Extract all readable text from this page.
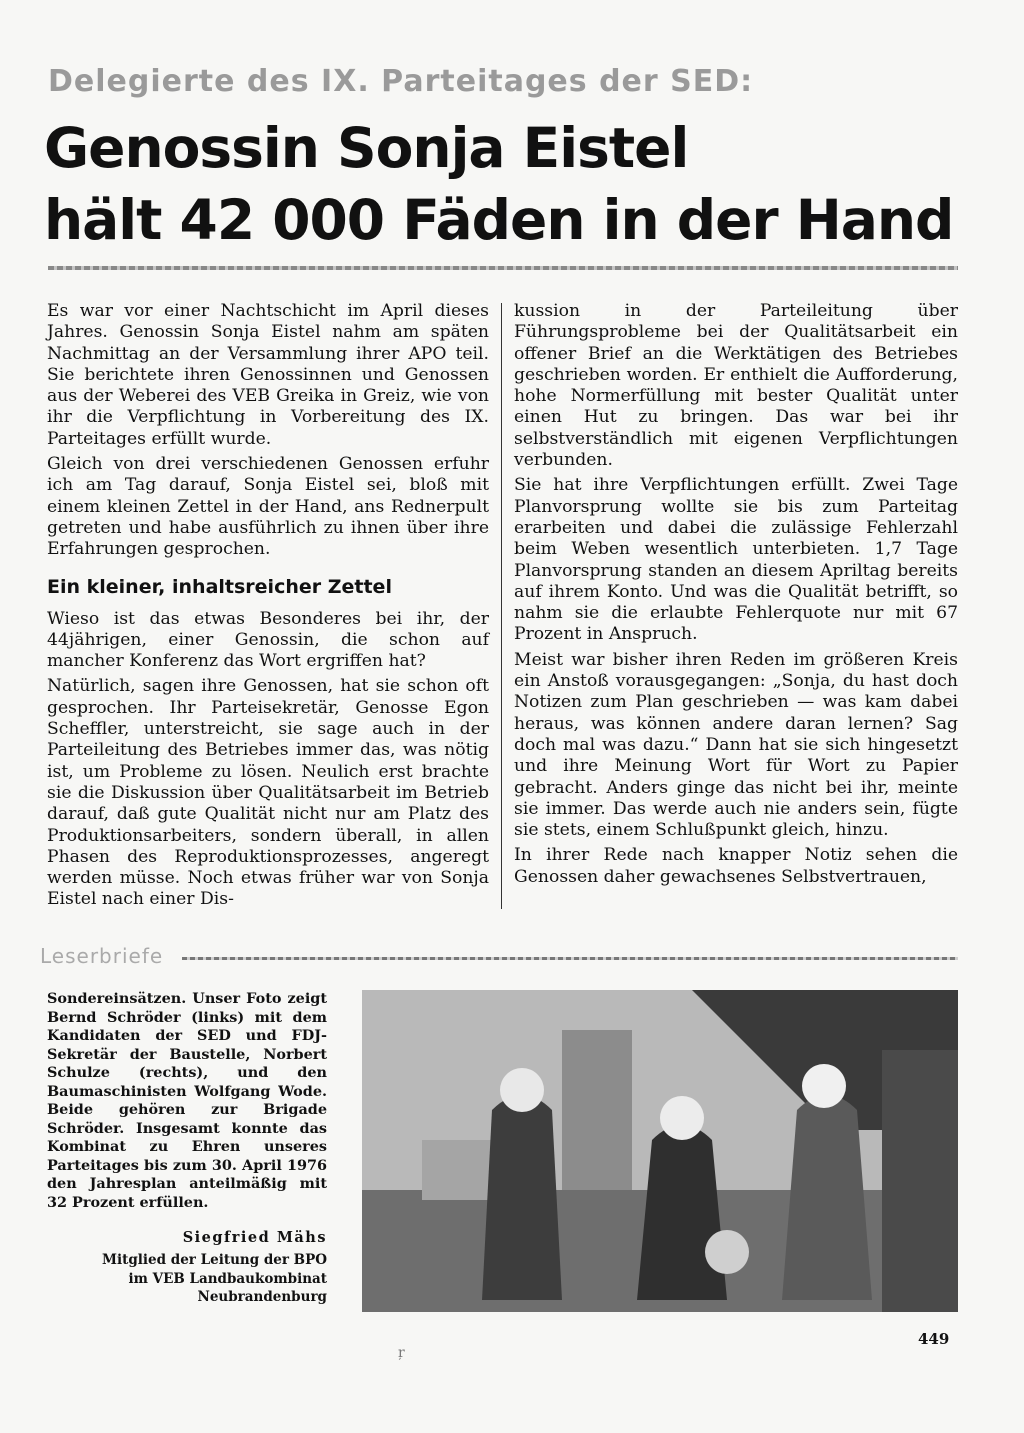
Delegierte des IX. Parteitages der SED:
Genossin Sonja Eistel
hält 42 000 Fäden in der Hand

Es war vor einer Nachtschicht im April dieses Jahres. Genossin Sonja Eistel nahm am späten Nachmittag an der Versammlung ihrer APO teil. Sie berichtete ihren Genossinnen und Genossen aus der Weberei des VEB Greika in Greiz, wie von ihr die Verpflichtung in Vorbereitung des IX. Parteitages erfüllt wurde.

Gleich von drei verschiedenen Genossen erfuhr ich am Tag darauf, Sonja Eistel sei, bloß mit einem kleinen Zettel in der Hand, ans Rednerpult getreten und habe ausführlich zu ihnen über ihre Erfahrungen gesprochen.

Ein kleiner, inhaltsreicher Zettel

Wieso ist das etwas Besonderes bei ihr, der 44jährigen, einer Genossin, die schon auf mancher Konferenz das Wort ergriffen hat?

Natürlich, sagen ihre Genossen, hat sie schon oft gesprochen. Ihr Parteisekretär, Genosse Egon Scheffler, unterstreicht, sie sage auch in der Parteileitung des Betriebes immer das, was nötig ist, um Probleme zu lösen. Neulich erst brachte sie die Diskussion über Qualitätsarbeit im Betrieb darauf, daß gute Qualität nicht nur am Platz des Produktionsarbeiters, sondern überall, in allen Phasen des Reproduktionsprozesses, angeregt werden müsse. Noch etwas früher war von Sonja Eistel nach einer Dis-

kussion in der Parteileitung über Führungsprobleme bei der Qualitätsarbeit ein offener Brief an die Werktätigen des Betriebes geschrieben worden. Er enthielt die Aufforderung, hohe Normerfüllung mit bester Qualität unter einen Hut zu bringen. Das war bei ihr selbstverständlich mit eigenen Verpflichtungen verbunden.

Sie hat ihre Verpflichtungen erfüllt. Zwei Tage Planvorsprung wollte sie bis zum Parteitag erarbeiten und dabei die zulässige Fehlerzahl beim Weben wesentlich unterbieten. 1,7 Tage Planvorsprung standen an diesem Apriltag bereits auf ihrem Konto. Und was die Qualität betrifft, so nahm sie die erlaubte Fehlerquote nur mit 67 Prozent in Anspruch.

Meist war bisher ihren Reden im größeren Kreis ein Anstoß vorausgegangen: „Sonja, du hast doch Notizen zum Plan geschrieben — was kam dabei heraus, was können andere daran lernen? Sag doch mal was dazu.“ Dann hat sie sich hingesetzt und ihre Meinung Wort für Wort zu Papier gebracht. Anders ginge das nicht bei ihr, meinte sie immer. Das werde auch nie anders sein, fügte sie stets, einem Schlußpunkt gleich, hinzu.

In ihrer Rede nach knapper Notiz sehen die Genossen daher gewachsenes Selbstvertrauen,

Leserbriefe

Sondereinsätzen. Unser Foto zeigt Bernd Schröder (links) mit dem Kandidaten der SED und FDJ-Sekretär der Baustelle, Norbert Schulze (rechts), und den Baumaschinisten Wolfgang Wode. Beide gehören zur Brigade Schröder. Insgesamt konnte das Kombinat zu Ehren unseres Parteitages bis zum 30. April 1976 den Jahresplan anteilmäßig mit 32 Prozent erfüllen.

Siegfried Mähs
Mitglied der Leitung der BPO
im VEB Landbaukombinat
Neubrandenburg
449
ŗ
